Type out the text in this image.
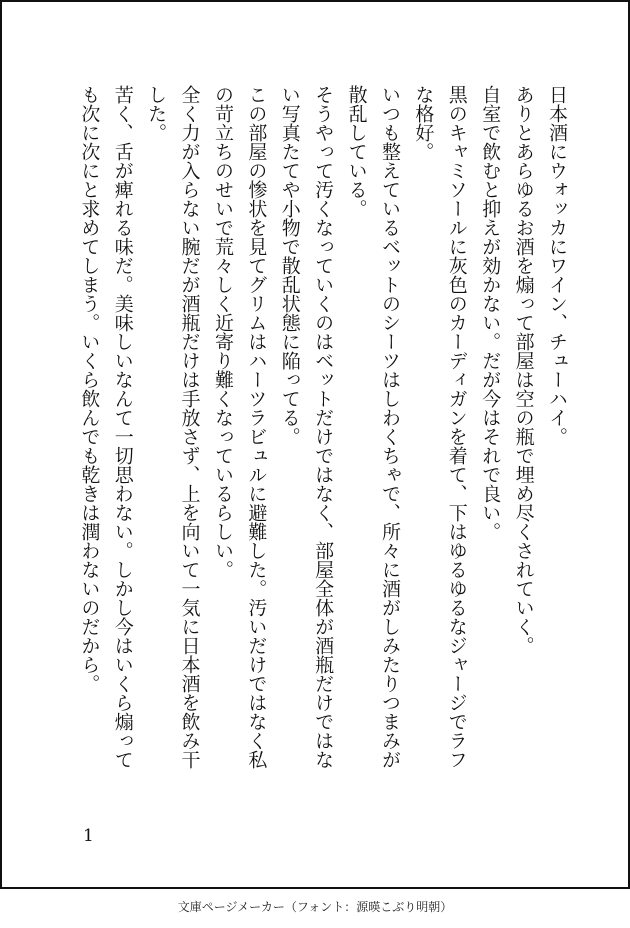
日本酒にウォッカにワイン、チューハイ。
ありとあらゆるお酒を煽って部屋は空の瓶で埋め尽くされていく。
自室で飲むと抑えが効かない。だが今はそれで良い。
黒のキャミソールに灰色のカーディガンを着て、下はゆるゆるなジャージでラフ
な格好。
いつも整えているベットのシーツはしわくちゃで、所々に酒がしみたりつまみが
散乱している。
そうやって汚くなっていくのはベットだけではなく、部屋全体が酒瓶だけではな
い写真たてや小物で散乱状態に陥ってる。
この部屋の惨状を見てグリムはハーツラビュルに避難した。汚いだけではなく私
の苛立ちのせいで荒々しく近寄り難くなっているらしい。
全く力が入らない腕だが酒瓶だけは手放さず、上を向いて一気に日本酒を飲み干
した。
苦く、舌が痺れる味だ。美味しいなんて一切思わない。しかし今はいくら煽って
も次に次にと求めてしまう。いくら飲んでも乾きは潤わないのだから。
1
文庫ページメーカー（フォント：源暎こぶり明朝）
